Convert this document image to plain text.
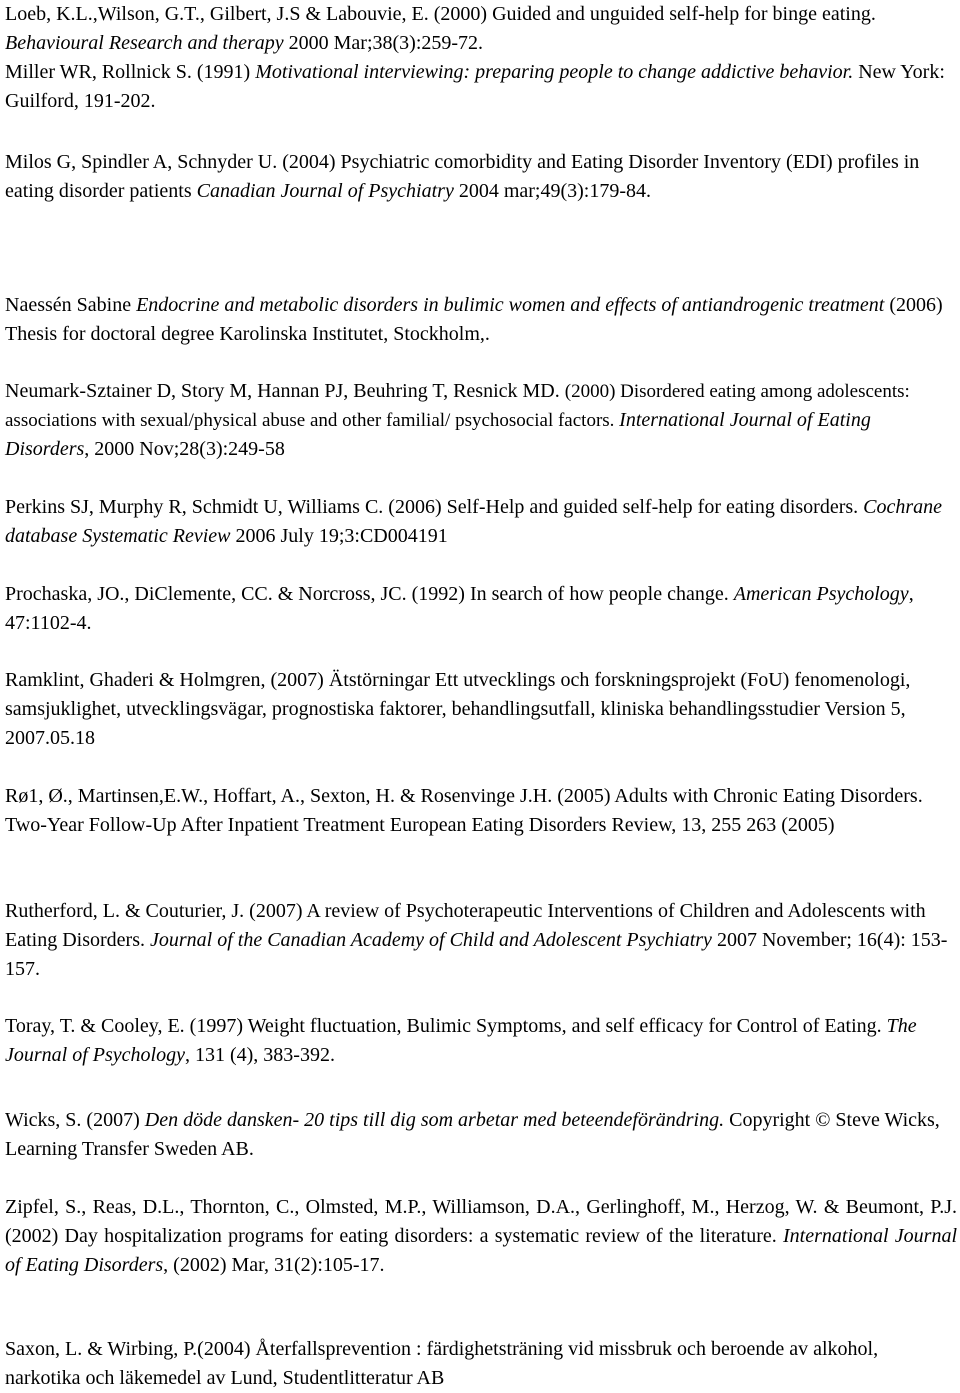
Loeb, K.L.,Wilson, G.T., Gilbert, J.S & Labouvie, E. (2000) Guided and unguided self-help for binge eating. Behavioural Research and therapy 2000 Mar;38(3):259-72.

Miller WR, Rollnick S. (1991) Motivational interviewing: preparing people to change addictive behavior. New York: Guilford, 191-202.

Milos G, Spindler A, Schnyder U. (2004) Psychiatric comorbidity and Eating Disorder Inventory (EDI) profiles in eating disorder patients Canadian Journal of Psychiatry 2004 mar;49(3):179-84.

Naessén Sabine Endocrine and metabolic disorders in bulimic women and effects of antiandrogenic treatment (2006) Thesis for doctoral degree Karolinska Institutet, Stockholm,.

Neumark-Sztainer D, Story M, Hannan PJ, Beuhring T, Resnick MD. (2000) Disordered eating among adolescents: associations with sexual/physical abuse and other familial/ psychosocial factors. International Journal of Eating Disorders, 2000 Nov;28(3):249-58

Perkins SJ, Murphy R, Schmidt U, Williams C. (2006) Self-Help and guided self-help for eating disorders. Cochrane database Systematic Review 2006 July 19;3:CD004191

Prochaska, JO., DiClemente, CC. & Norcross, JC. (1992) In search of how people change. American Psychology, 47:1102-4.

Ramklint, Ghaderi & Holmgren, (2007) Ätstörningar Ett utvecklings och forskningsprojekt (FoU) fenomenologi, samsjuklighet, utvecklingsvägar, prognostiska faktorer, behandlingsutfall, kliniska behandlingsstudier Version 5, 2007.05.18

Rø1, Ø., Martinsen,E.W., Hoffart, A., Sexton, H. & Rosenvinge J.H. (2005) Adults with Chronic Eating Disorders. Two-Year Follow-Up After Inpatient Treatment European Eating Disorders Review, 13, 255 263 (2005)

Rutherford, L. & Couturier, J. (2007) A review of Psychoterapeutic Interventions of Children and Adolescents with Eating Disorders. Journal of the Canadian Academy of Child and Adolescent Psychiatry 2007 November; 16(4): 153-157.

Toray, T. & Cooley, E. (1997) Weight fluctuation, Bulimic Symptoms, and self efficacy for Control of Eating. The Journal of Psychology, 131 (4), 383-392.

Wicks, S. (2007) Den döde dansken- 20 tips till dig som arbetar med beteendeförändring. Copyright © Steve Wicks, Learning Transfer Sweden AB.

Zipfel, S., Reas, D.L., Thornton, C., Olmsted, M.P., Williamson, D.A., Gerlinghoff, M., Herzog, W. & Beumont, P.J. (2002) Day hospitalization programs for eating disorders: a systematic review of the literature. International Journal of Eating Disorders, (2002) Mar, 31(2):105-17.

Saxon, L. & Wirbing, P.(2004) Återfallsprevention : färdighetsträning vid missbruk och beroende av alkohol, narkotika och läkemedel av Lund, Studentlitteratur AB
